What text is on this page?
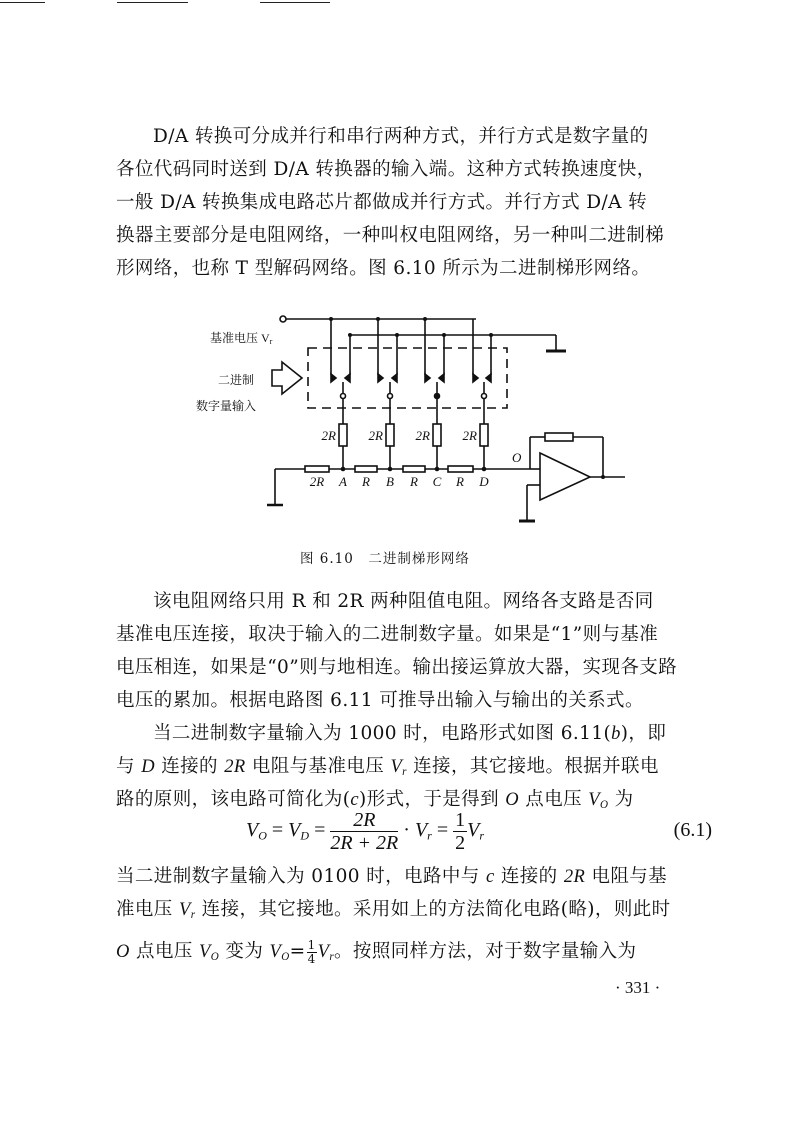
D/A 转换可分成并行和串行两种方式，并行方式是数字量的
各位代码同时送到 D/A 转换器的输入端。这种方式转换速度快，
一般 D/A 转换集成电路芯片都做成并行方式。并行方式 D/A 转
换器主要部分是电阻网络，一种叫权电阻网络，另一种叫二进制梯
形网络，也称 T 型解码网络。图 6.10 所示为二进制梯形网络。
基准电压 Vr
二进制
数字量输入
2R	2R	2R	2R
2R A R B R C R D
O
图 6.10　二进制梯形网络
该电阻网络只用 R 和 2R 两种阻值电阻。网络各支路是否同
基准电压连接，取决于输入的二进制数字量。如果是“1”则与基准
电压相连，如果是“0”则与地相连。输出接运算放大器，实现各支路
电压的累加。根据电路图 6.11 可推导出输入与输出的关系式。
当二进制数字量输入为 1000 时，电路形式如图 6.11(b)，即
与 D 连接的 2R 电阻与基准电压 $V_r$ 连接，其它接地。根据并联电
路的原则，该电路可简化为(c)形式，于是得到 O 点电压 $V_O$ 为
$V_O = V_D = \frac{2R}{2R + 2R} \cdot V_r = \frac{1}{2} V_r$	(6.1)
当二进制数字量输入为 0100 时，电路中与 c 连接的 2R 电阻与基
准电压 $V_r$ 连接，其它接地。采用如上的方法简化电路(略)，则此时
O 点电压 $V_O$ 变为 $V_O= \frac{1}{4} V_r$。按照同样方法，对于数字量输入为
· 331 ·
